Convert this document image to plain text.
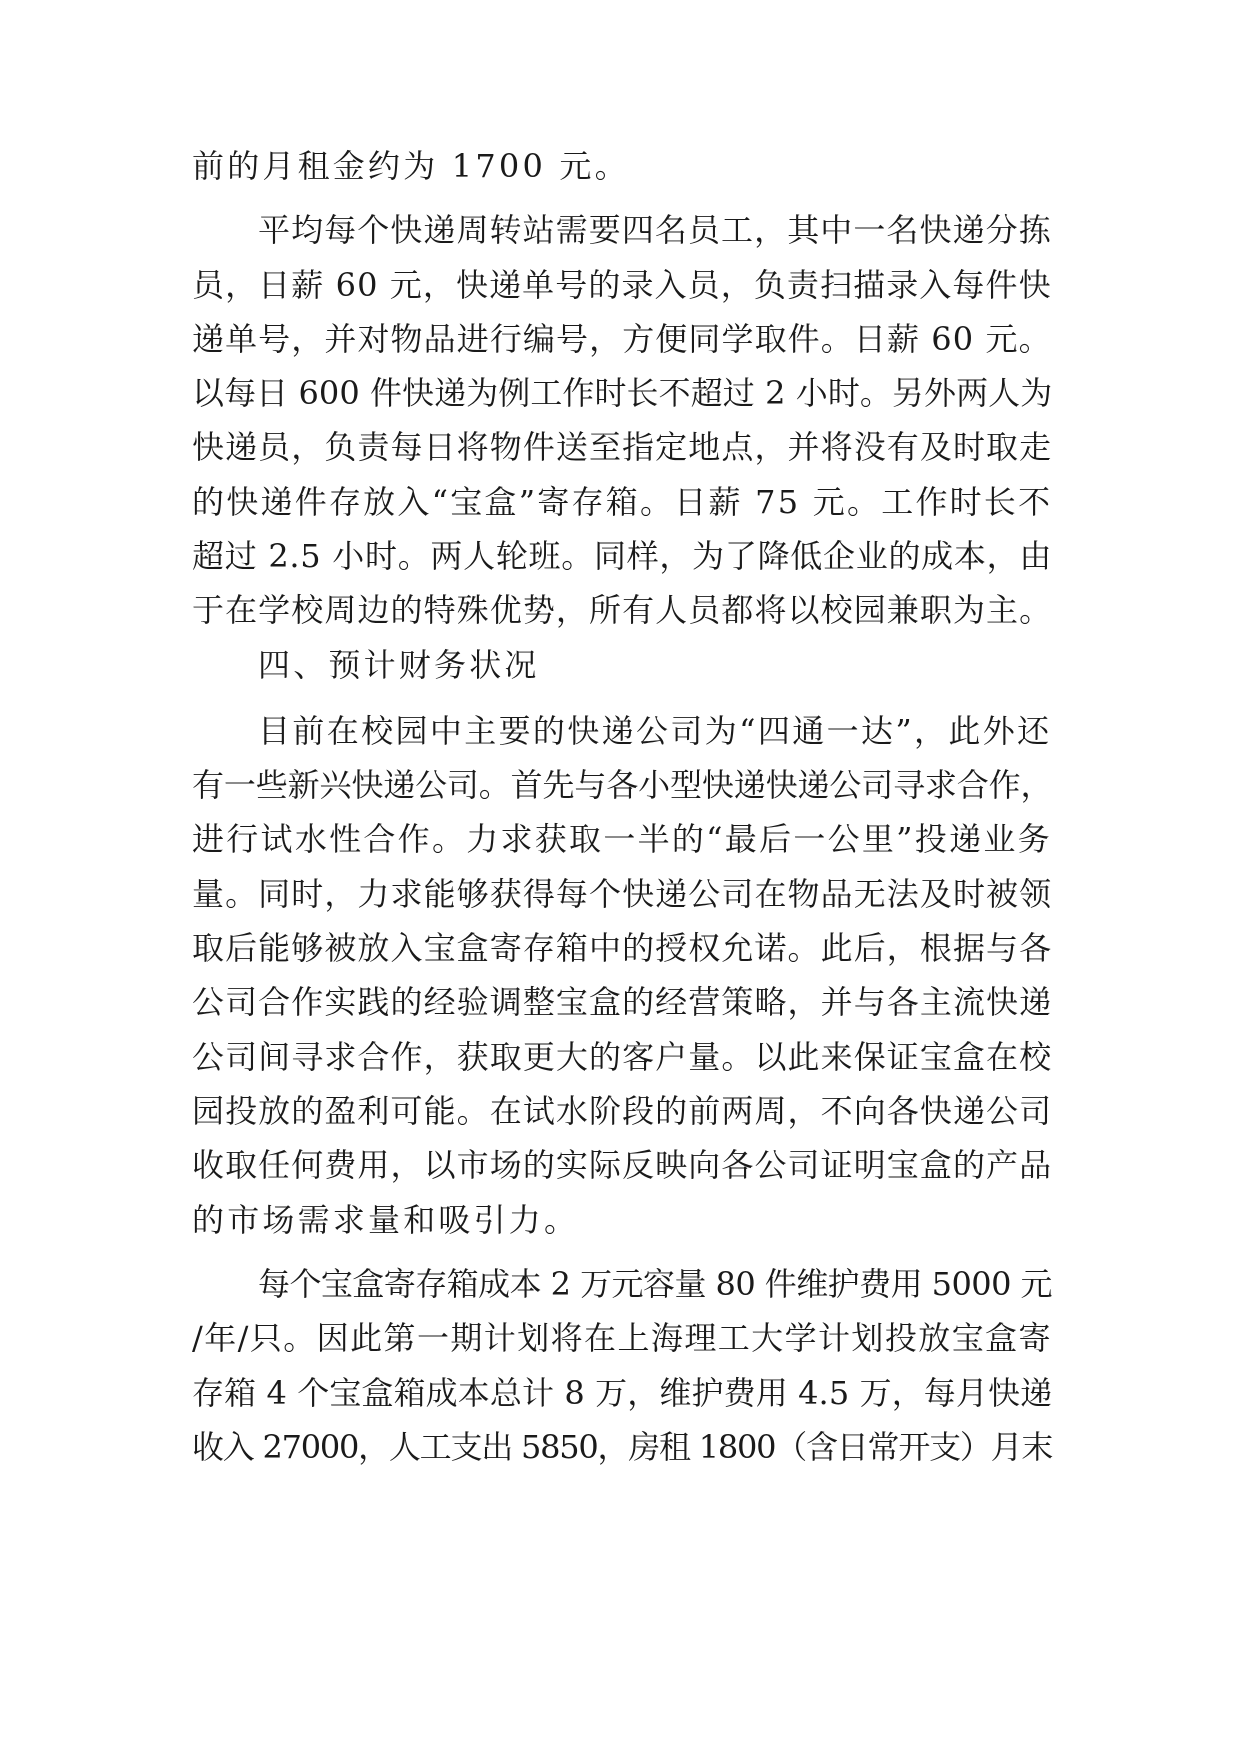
前的月租金约为 1700 元。
平均每个快递周转站需要四名员工，其中一名快递分拣
员，日薪 60 元，快递单号的录入员，负责扫描录入每件快
递单号，并对物品进行编号，方便同学取件。日薪 60 元。
以每日 600 件快递为例工作时长不超过 2 小时。另外两人为
快递员，负责每日将物件送至指定地点，并将没有及时取走
的快递件存放入“宝盒”寄存箱。日薪 75 元。工作时长不
超过 2.5 小时。两人轮班。同样，为了降低企业的成本，由
于在学校周边的特殊优势，所有人员都将以校园兼职为主。
四、预计财务状况
目前在校园中主要的快递公司为“四通一达”，此外还
有一些新兴快递公司。首先与各小型快递快递公司寻求合作，
进行试水性合作。力求获取一半的“最后一公里”投递业务
量。同时，力求能够获得每个快递公司在物品无法及时被领
取后能够被放入宝盒寄存箱中的授权允诺。此后，根据与各
公司合作实践的经验调整宝盒的经营策略，并与各主流快递
公司间寻求合作，获取更大的客户量。以此来保证宝盒在校
园投放的盈利可能。在试水阶段的前两周，不向各快递公司
收取任何费用，以市场的实际反映向各公司证明宝盒的产品
的市场需求量和吸引力。
每个宝盒寄存箱成本 2 万元容量 80 件维护费用 5000 元
/年/只。因此第一期计划将在上海理工大学计划投放宝盒寄
存箱 4 个宝盒箱成本总计 8 万，维护费用 4.5 万，每月快递
收入 27000，人工支出 5850，房租 1800（含日常开支）月末
